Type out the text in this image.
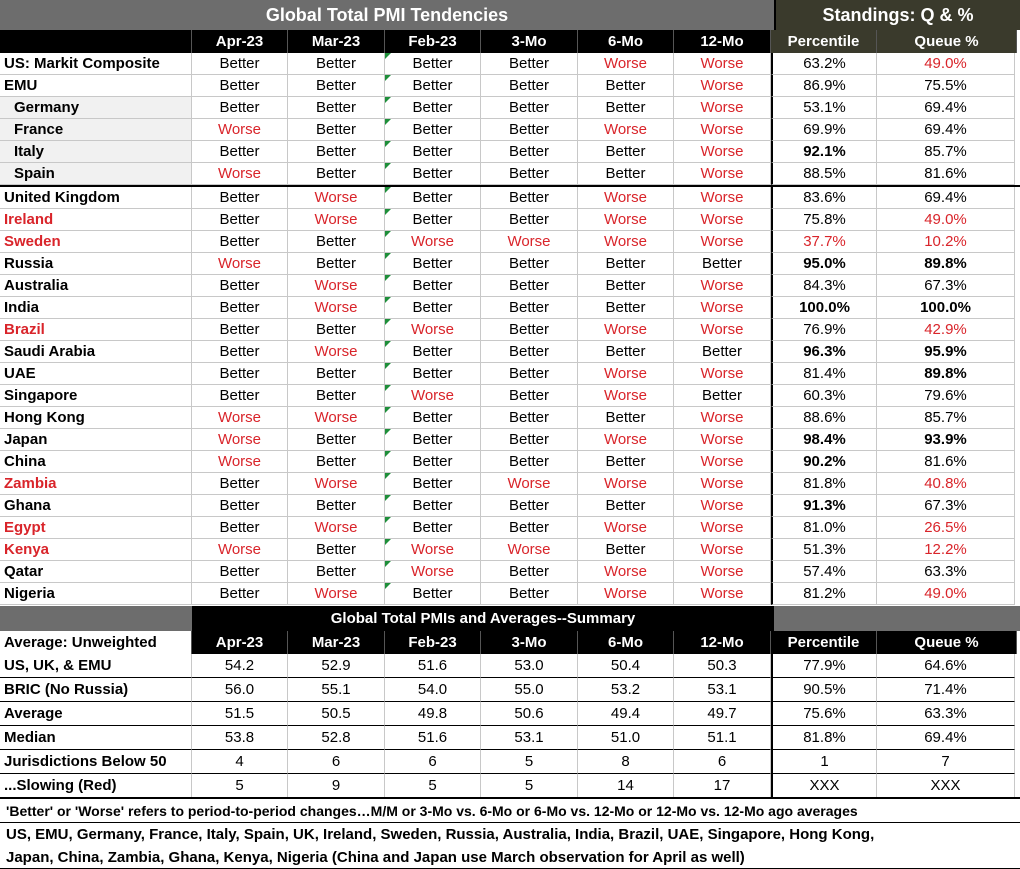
Global Total PMI Tendencies	Standings: Q & %
Apr-23	Mar-23	Feb-23	3-Mo	6-Mo	12-Mo	Percentile	Queue %
US: Markit Composite	Better	Better	Better	Better	Worse	Worse	63.2%	49.0%
EMU	Better	Better	Better	Better	Better	Worse	86.9%	75.5%
Germany	Better	Better	Better	Better	Better	Worse	53.1%	69.4%
France	Worse	Better	Better	Better	Worse	Worse	69.9%	69.4%
Italy	Better	Better	Better	Better	Better	Worse	92.1%	85.7%
Spain	Worse	Better	Better	Better	Better	Worse	88.5%	81.6%
United Kingdom	Better	Worse	Better	Better	Worse	Worse	83.6%	69.4%
Ireland	Better	Worse	Better	Better	Worse	Worse	75.8%	49.0%
Sweden	Better	Better	Worse	Worse	Worse	Worse	37.7%	10.2%
Russia	Worse	Better	Better	Better	Better	Better	95.0%	89.8%
Australia	Better	Worse	Better	Better	Better	Worse	84.3%	67.3%
India	Better	Worse	Better	Better	Better	Worse	100.0%	100.0%
Brazil	Better	Better	Worse	Better	Worse	Worse	76.9%	42.9%
Saudi Arabia	Better	Worse	Better	Better	Better	Better	96.3%	95.9%
UAE	Better	Better	Better	Better	Worse	Worse	81.4%	89.8%
Singapore	Better	Better	Worse	Better	Worse	Better	60.3%	79.6%
Hong Kong	Worse	Worse	Better	Better	Better	Worse	88.6%	85.7%
Japan	Worse	Better	Better	Better	Worse	Worse	98.4%	93.9%
China	Worse	Better	Better	Better	Better	Worse	90.2%	81.6%
Zambia	Better	Worse	Better	Worse	Worse	Worse	81.8%	40.8%
Ghana	Better	Better	Better	Better	Better	Worse	91.3%	67.3%
Egypt	Better	Worse	Better	Better	Worse	Worse	81.0%	26.5%
Kenya	Worse	Better	Worse	Worse	Better	Worse	51.3%	12.2%
Qatar	Better	Better	Worse	Better	Worse	Worse	57.4%	63.3%
Nigeria	Better	Worse	Better	Better	Worse	Worse	81.2%	49.0%
Global Total PMIs and Averages--Summary
Average: Unweighted	Apr-23	Mar-23	Feb-23	3-Mo	6-Mo	12-Mo	Percentile	Queue %
US, UK, & EMU	54.2	52.9	51.6	53.0	50.4	50.3	77.9%	64.6%
BRIC (No Russia)	56.0	55.1	54.0	55.0	53.2	53.1	90.5%	71.4%
Average	51.5	50.5	49.8	50.6	49.4	49.7	75.6%	63.3%
Median	53.8	52.8	51.6	53.1	51.0	51.1	81.8%	69.4%
Jurisdictions Below 50	4	6	6	5	8	6	1	7
...Slowing (Red)	5	9	5	5	14	17	XXX	XXX
'Better' or 'Worse' refers to period-to-period changes…M/M or 3-Mo vs. 6-Mo or 6-Mo vs. 12-Mo or 12-Mo vs. 12-Mo ago averages
US, EMU, Germany, France, Italy, Spain, UK, Ireland, Sweden, Russia, Australia, India, Brazil, UAE, Singapore, Hong Kong,
Japan, China, Zambia, Ghana, Kenya, Nigeria (China and Japan use March observation for April as well)
